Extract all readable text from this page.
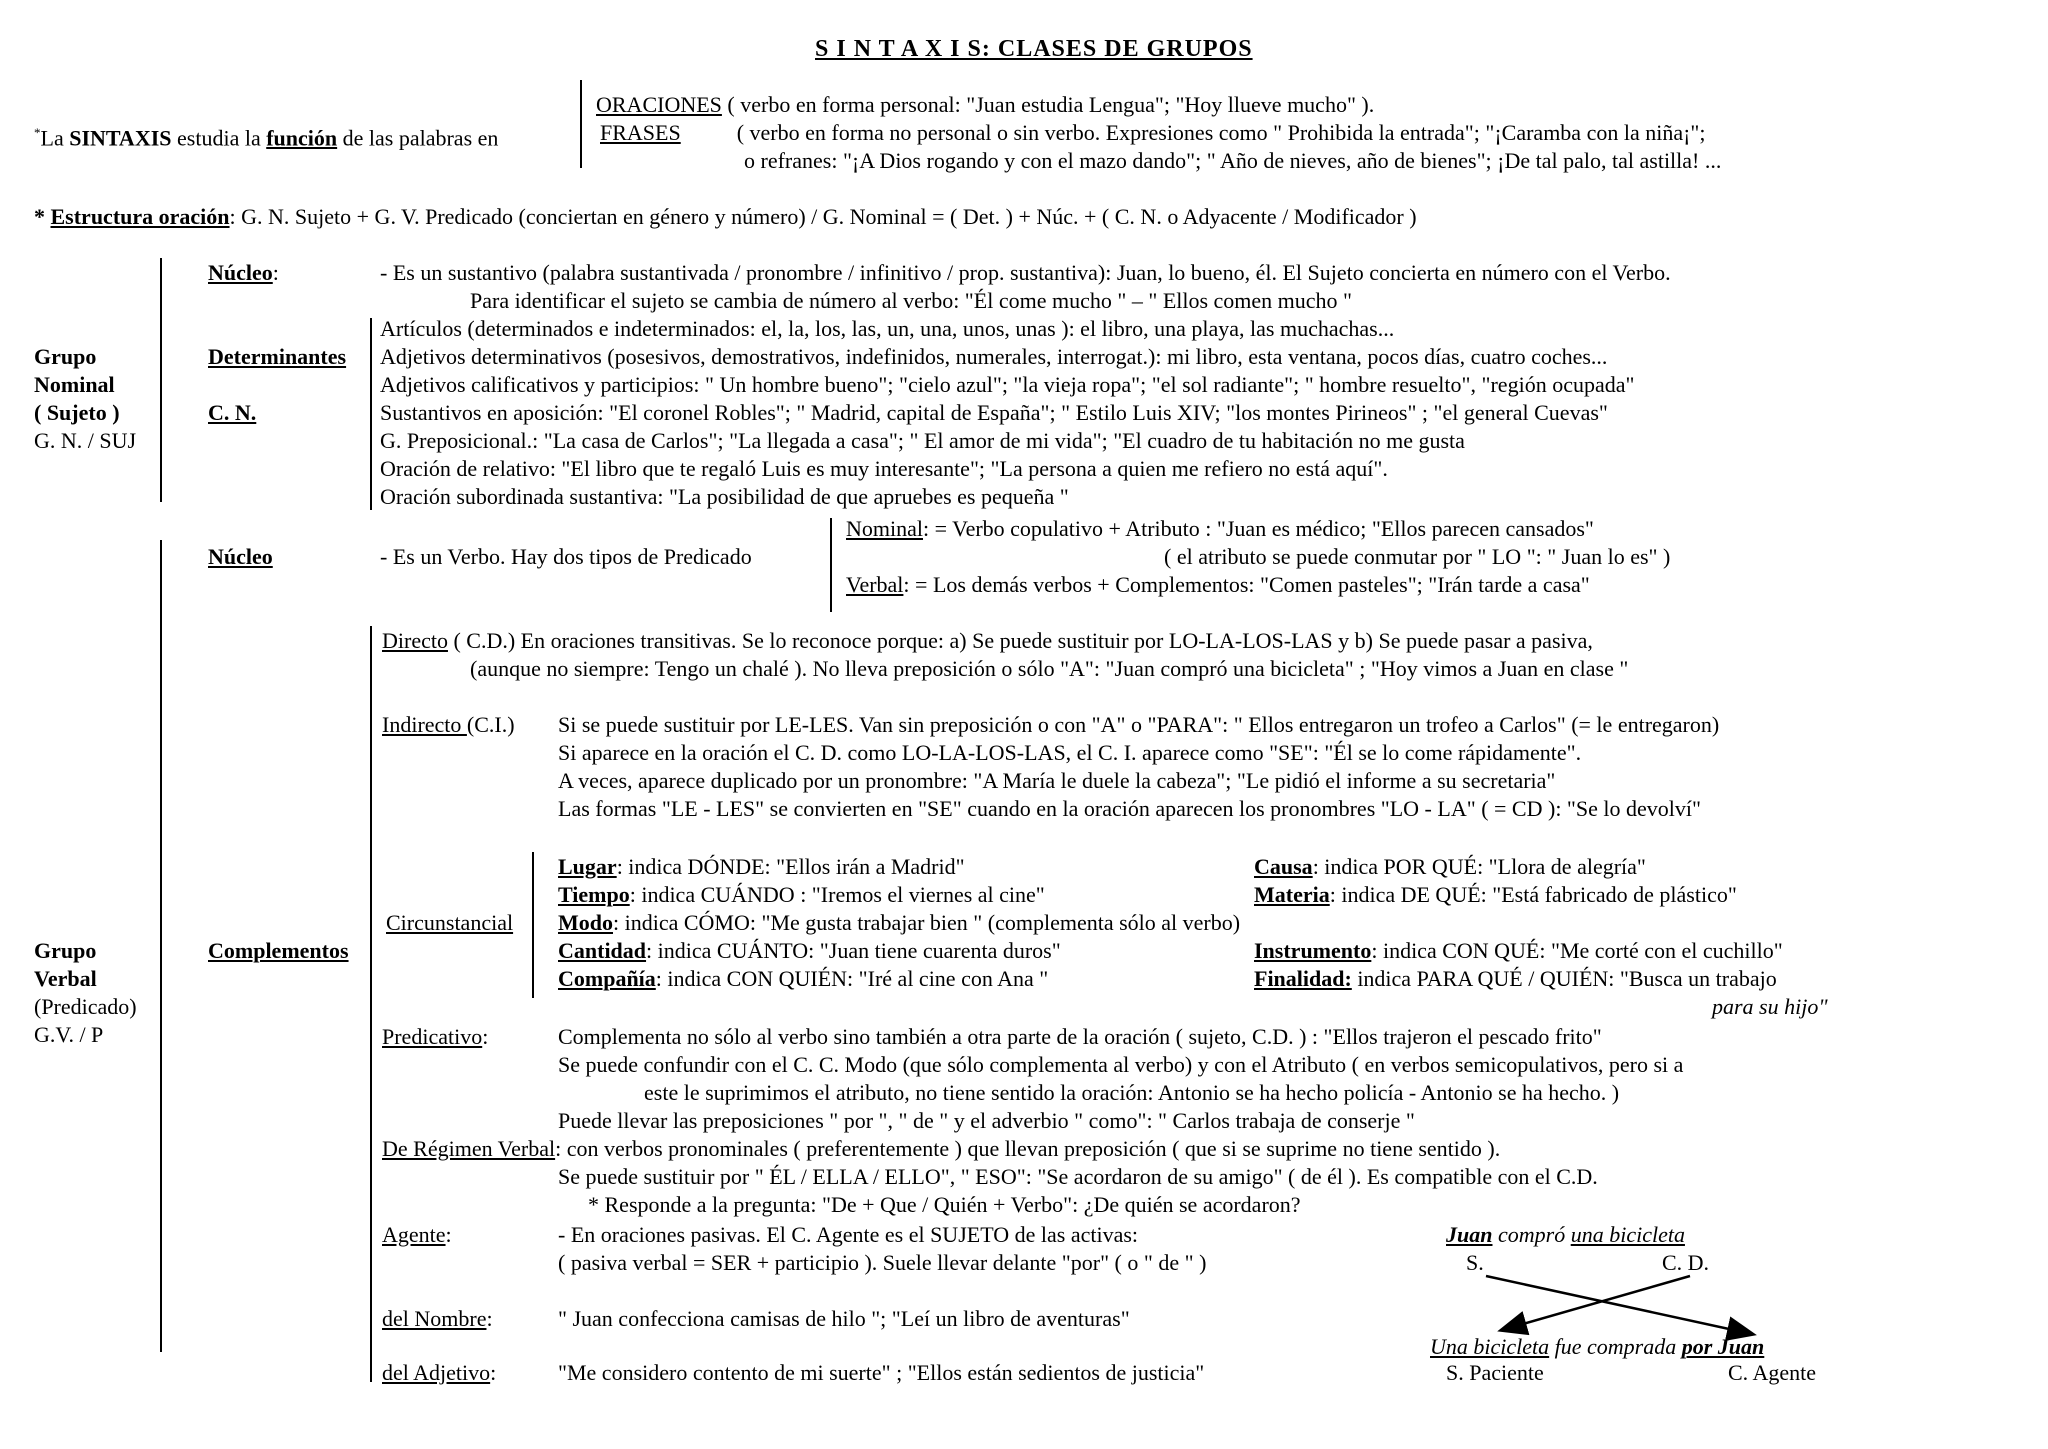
S I N T A X I S: CLASES DE GRUPOS
*La SINTAXIS estudia la función de las palabras en
ORACIONES ( verbo en forma personal: "Juan estudia Lengua"; "Hoy llueve mucho" ).
FRASES	( verbo en forma no personal o sin verbo. Expresiones como " Prohibida la entrada"; "¡Caramba con la niña¡";
o refranes: "¡A Dios rogando y con el mazo dando"; " Año de nieves, año de bienes"; ¡De tal palo, tal astilla! ...
* Estructura oración: G. N. Sujeto + G. V. Predicado (conciertan en género y número) / G. Nominal = ( Det. ) + Núc. + ( C. N. o Adyacente / Modificador )
Grupo
Nominal
( Sujeto )
G. N. / SUJ
Núcleo:	- Es un sustantivo (palabra sustantivada / pronombre / infinitivo / prop. sustantiva): Juan, lo bueno, él. El Sujeto concierta en número con el Verbo.
Para identificar el sujeto se cambia de número al verbo: "Él come mucho " – " Ellos comen mucho "
Determinantes
Artículos (determinados e indeterminados: el, la, los, las, un, una, unos, unas ): el libro, una playa, las muchachas...
Adjetivos determinativos (posesivos, demostrativos, indefinidos, numerales, interrogat.): mi libro, esta ventana, pocos días, cuatro coches...
C. N.
Adjetivos calificativos y participios: " Un hombre bueno"; "cielo azul"; "la vieja ropa"; "el sol radiante"; " hombre resuelto", "región ocupada"
Sustantivos en aposición: "El coronel Robles"; " Madrid, capital de España"; " Estilo Luis XIV; "los montes Pirineos" ; "el general Cuevas"
G. Preposicional.: "La casa de Carlos"; "La llegada a casa"; " El amor de mi vida"; "El cuadro de tu habitación no me gusta
Oración de relativo: "El libro que te regaló Luis es muy interesante"; "La persona a quien me refiero no está aquí".
Oración subordinada sustantiva: "La posibilidad de que apruebes es pequeña "
Grupo
Verbal
(Predicado)
G.V. / P
Núcleo	- Es un Verbo. Hay dos tipos de Predicado
Nominal: = Verbo copulativo + Atributo : "Juan es médico; "Ellos parecen cansados"
( el atributo se puede conmutar por " LO ": " Juan lo es" )
Verbal: = Los demás verbos + Complementos: "Comen pasteles"; "Irán tarde a casa"
Complementos
Directo ( C.D.) En oraciones transitivas. Se lo reconoce porque: a) Se puede sustituir por LO-LA-LOS-LAS y b) Se puede pasar a pasiva,
(aunque no siempre: Tengo un chalé ). No lleva preposición o sólo "A": "Juan compró una bicicleta" ; "Hoy vimos a Juan en clase "
Indirecto (C.I.) Si se puede sustituir por LE-LES. Van sin preposición o con "A" o "PARA": " Ellos entregaron un trofeo a Carlos" (= le entregaron)
Si aparece en la oración el C. D. como LO-LA-LOS-LAS, el C. I. aparece como "SE": "Él se lo come rápidamente".
A veces, aparece duplicado por un pronombre: "A María le duele la cabeza"; "Le pidió el informe a su secretaria"
Las formas "LE - LES" se convierten en "SE" cuando en la oración aparecen los pronombres "LO - LA" ( = CD ): "Se lo devolví"
Circunstancial
Lugar: indica DÓNDE: "Ellos irán a Madrid"
Tiempo: indica CUÁNDO : "Iremos el viernes al cine"
Modo: indica CÓMO: "Me gusta trabajar bien " (complementa sólo al verbo)
Cantidad: indica CUÁNTO: "Juan tiene cuarenta duros"
Compañía: indica CON QUIÉN: "Iré al cine con Ana "
Causa: indica POR QUÉ: "Llora de alegría"
Materia: indica DE QUÉ: "Está fabricado de plástico"
Instrumento: indica CON QUÉ: "Me corté con el cuchillo"
Finalidad: indica PARA QUÉ / QUIÉN: "Busca un trabajo
para su hijo"
Predicativo:	Complementa no sólo al verbo sino también a otra parte de la oración ( sujeto, C.D. ) : "Ellos trajeron el pescado frito"
Se puede confundir con el C. C. Modo (que sólo complementa al verbo) y con el Atributo ( en verbos semicopulativos, pero si a
este le suprimimos el atributo, no tiene sentido la oración: Antonio se ha hecho policía - Antonio se ha hecho. )
Puede llevar las preposiciones " por ", " de " y el adverbio " como": " Carlos trabaja de conserje "
De Régimen Verbal: con verbos pronominales ( preferentemente ) que llevan preposición ( que si se suprime no tiene sentido ).
Se puede sustituir por " ÉL / ELLA / ELLO", " ESO": "Se acordaron de su amigo" ( de él ). Es compatible con el C.D.
* Responde a la pregunta: "De + Que / Quién + Verbo": ¿De quién se acordaron?
Agente:	- En oraciones pasivas. El C. Agente es el SUJETO de las activas:
( pasiva verbal = SER + participio ). Suele llevar delante "por" ( o " de " )
del Nombre:	" Juan confecciona camisas de hilo "; "Leí un libro de aventuras"
del Adjetivo:	"Me considero contento de mi suerte" ; "Ellos están sedientos de justicia"
Juan compró una bicicleta
S.	C. D.
Una bicicleta fue comprada por Juan
S. Paciente	C. Agente
